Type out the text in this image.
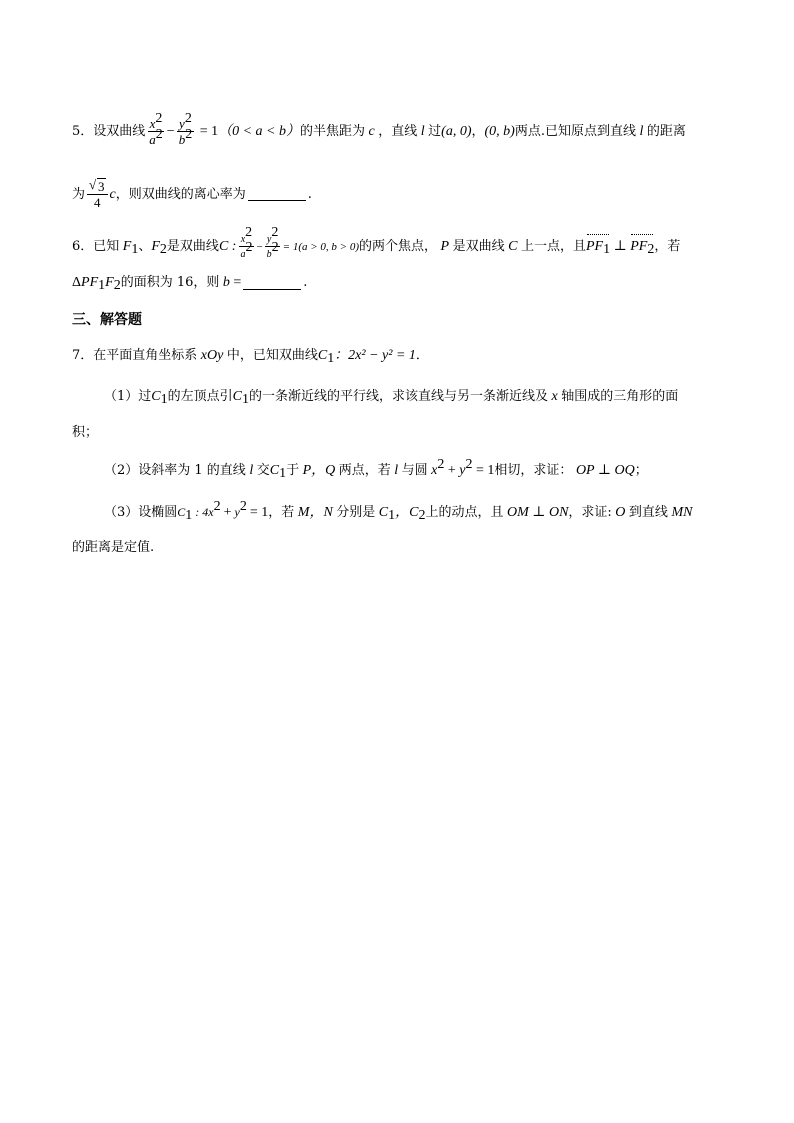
5．设双曲线 $\frac{x^2}{a^2} - \frac{y^2}{b^2} = 1$ （0 < a < b） 的半焦距为 c ，直线 l 过 (a, 0) ， (0, b) 两点.已知原点到直线 l 的距离
为 $\frac{√ 3}{4}$ c ，则双曲线的离心率为	.
6．已知 $F_1$ 、 $F_2$ 是双曲线 C : $\frac{x^2}{a^2} - \frac{y^2}{b^2} = 1(a > 0$, b > 0) 的两个焦点， P 是双曲线 C 上一点，且 $PF_1$ ⊥ $PF_2$ ，若
$\Delta PF_1F_2$ 的面积为 16，则 b =	.
三、解答题
7．在平面直角坐标系 xOy 中，已知双曲线 $C_1$ ：2x² − y² = 1 ．
（1）过 $C_1$ 的左顶点引 $C_1$ 的一条渐近线的平行线，求该直线与另一条渐近线及 x 轴围成的三角形的面
积；
（2）设斜率为 1 的直线 l 交 $C_1$ 于 P，Q 两点，若 l 与圆 $x^2 + y^2 = 1$ 相切，求证： OP ⊥ OQ ；
（3）设椭圆 $C_1$ : $4x^2 + y^2 = 1$ ，若 M，N 分别是 $C_1$，$C_2$ 上的动点，且 OM ⊥ ON ，求证: O 到直线 MN
的距离是定值.
